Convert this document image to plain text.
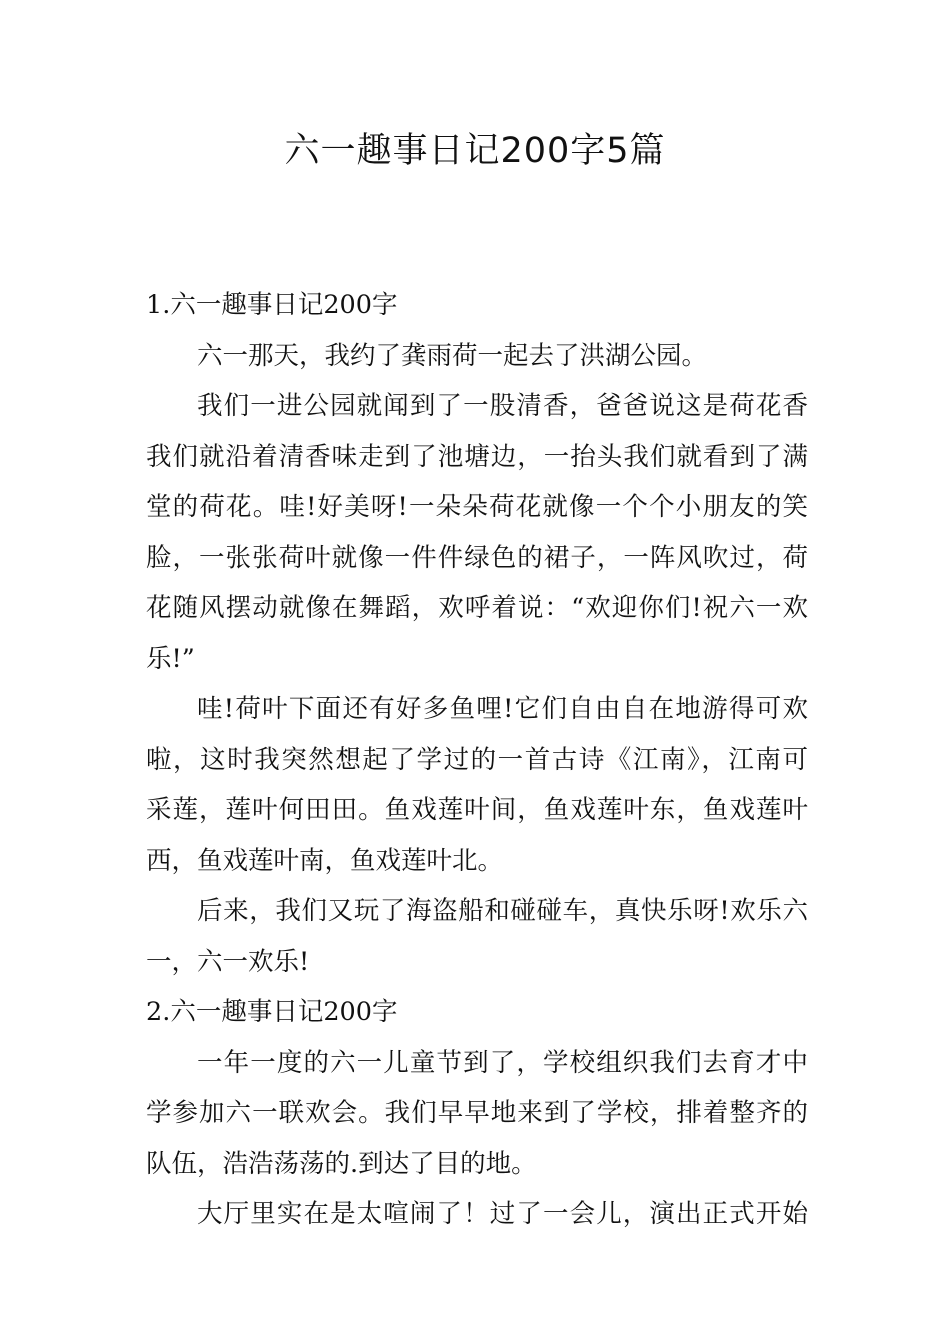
六一趣事日记200字5篇
1.六一趣事日记200字
六一那天，我约了龚雨荷一起去了洪湖公园。
我们一进公园就闻到了一股清香，爸爸说这是荷花香
我们就沿着清香味走到了池塘边，一抬头我们就看到了满
堂的荷花。哇!好美呀!一朵朵荷花就像一个个小朋友的笑
脸，一张张荷叶就像一件件绿色的裙子，一阵风吹过，荷
花随风摆动就像在舞蹈，欢呼着说：“欢迎你们!祝六一欢
乐!”
哇!荷叶下面还有好多鱼哩!它们自由自在地游得可欢
啦，这时我突然想起了学过的一首古诗《江南》，江南可
采莲，莲叶何田田。鱼戏莲叶间，鱼戏莲叶东，鱼戏莲叶
西，鱼戏莲叶南，鱼戏莲叶北。
后来，我们又玩了海盗船和碰碰车，真快乐呀!欢乐六
一，六一欢乐!
2.六一趣事日记200字
一年一度的六一儿童节到了，学校组织我们去育才中
学参加六一联欢会。我们早早地来到了学校，排着整齐的
队伍，浩浩荡荡的.到达了目的地。
大厅里实在是太喧闹了！过了一会儿，演出正式开始
